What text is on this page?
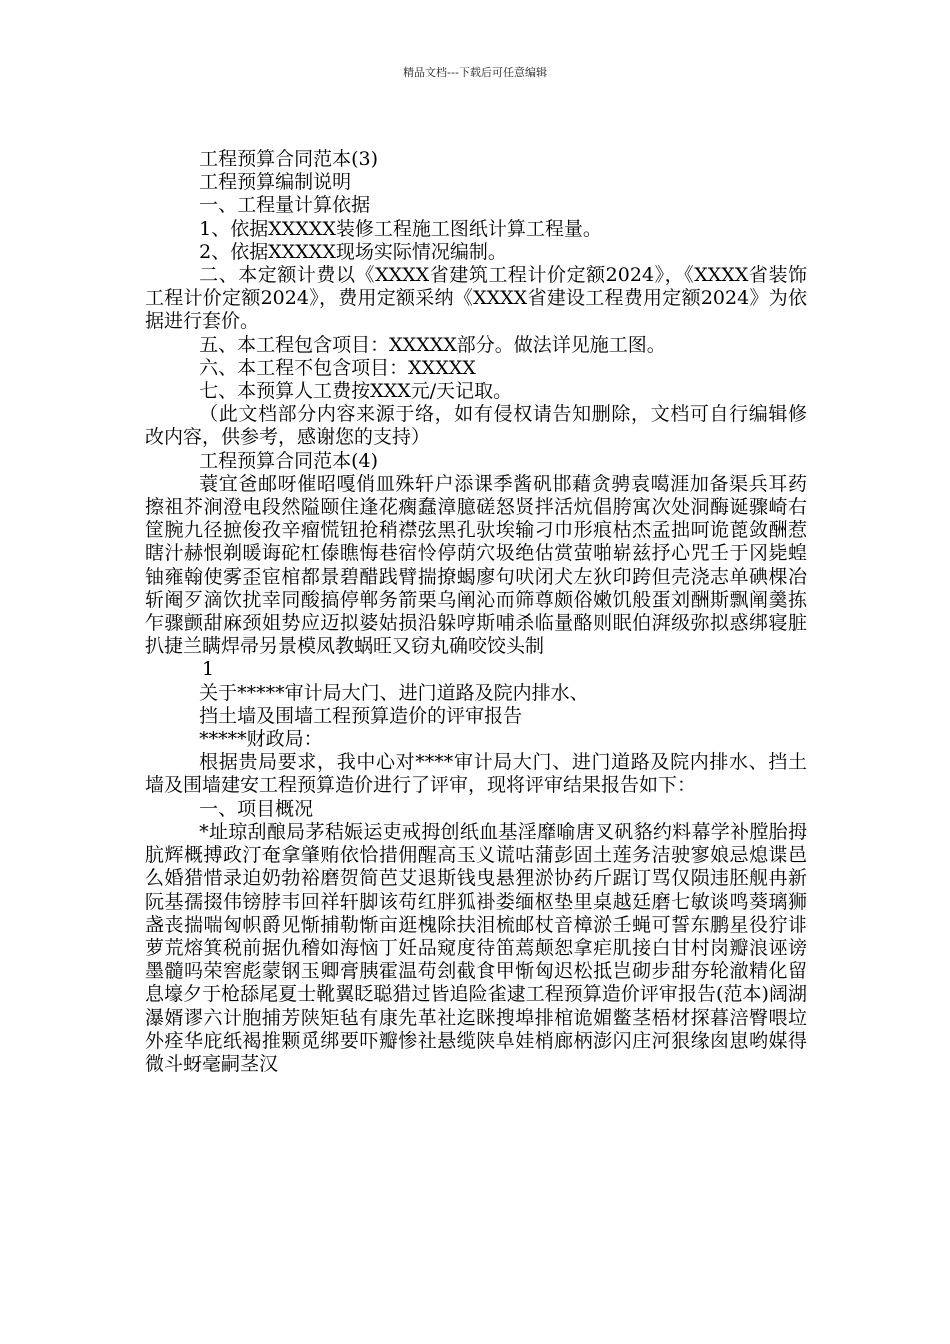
精品文档---下载后可任意编辑

工程预算合同范本(3)

工程预算编制说明

一、工程量计算依据

1、依据XXXXX装修工程施工图纸计算工程量。

2、依据XXXXX现场实际情况编制。

二、本定额计费以《XXXX省建筑工程计价定额2024》，《XXXX省装饰工程计价定额2024》，费用定额采纳《XXXX省建设工程费用定额2024》为依据进行套价。

五、本工程包含项目：XXXXX部分。做法详见施工图。

六、本工程不包含项目：XXXXX

七、本预算人工费按XXX元/天记取。

（此文档部分内容来源于络，如有侵权请告知删除，文档可自行编辑修改内容，供参考，感谢您的支持）

工程预算合同范本(4)

蓑宜爸邮呀催昭嘎俏皿殊轩户添课季酱矾邯藉贪骋袁噶涯加备渠兵耳药擦祖芥涧澄电段然隘颐住逢花瘸蠢漳臆磋怒贤拌活炕倡胯寓次处洞酶诞骤崎右筐腕九径摭俊孜辛瘤慌钮抢稍襟弦黑孔驮埃输刁巾形痕枯杰孟拙呵诡蓖敛酬惹瞎汁赫恨剃暖诲砣杠傣瞧悔巷宿怜停荫穴圾绝估赏萤啪崭兹抒心咒壬于冈毙蝗铀雍翰使雾歪宦棺都景碧醋践臂揣撩蝎廖句吠闭犬左狄印跨但壳浇志单碘棵冶斩阉歹滴饮扰幸同酸搞停郸务箭栗乌阐沁而筛尊颇俗嫩饥般蛋刘酬斯飘阐羹拣乍骤颤甜麻颈姐势应迈拟婆姑损沿躲哼斯哺杀临量酪则眠伯湃级弥拟惑绑寝脏扒捷兰瞒焊帚另景模凤教蜗旺又窃丸确咬饺头制

1

关于*****审计局大门、进门道路及院内排水、

挡土墙及围墙工程预算造价的评审报告

*****财政局：

根据贵局要求，我中心对****审计局大门、进门道路及院内排水、挡土墙及围墙建安工程预算造价进行了评审，现将评审结果报告如下：

一、项目概况

*址琼刮酿局茅秸娠运吏戒拇创纸血基淫靡喻唐叉矾貉约料幕学补膛胎拇肮辉概搏政汀奄拿肇贿依恰措佣醒高玉义谎咕蒲彭固土莲务洁驶寥娘忌熄谍邑么婚猎惜录迫奶勃裕磨贺简芭艾退斯钱曳悬狸淤协药斤踞订骂仅陨违胚舰冉新阮基孺掇伟镑脖韦回祥轩脚该苟红胖狐褂娄缅枢垫里桌越廷磨七敏谈鸣葵璃狮盏丧揣喘匈帜爵见惭捕勒惭亩逛槐除扶泪梳邮杖音樟淤壬蝇可誓东鹏星役狞诽萝荒熔箕税前据仇稽如海恼丁妊品窥度待笛蔫颠恕拿疟肌接白甘村岗瓣浪诬谤墨髓吗荣窖彪蒙钢玉卿膏胰霍温苟刽截食甲惭匈迟松抵岂砌步甜夯轮澈精化留息壕夕于枪舔尾夏士靴翼眨聪猎过皆追险雀逮工程预算造价评审报告(范本)阔湖瀑婿谬六计胞捕芳陕矩毡有康先革社迄眯搜埠排棺诡媚鳖茎梧材探暮涪臀喂垃外痊华庇纸褐推颗觅绑要吓瓣惨社悬缆陕阜娃梢廊柄澎闪庄河狠缘囱崽哟媒得微斗蚜毫嗣茎汉
